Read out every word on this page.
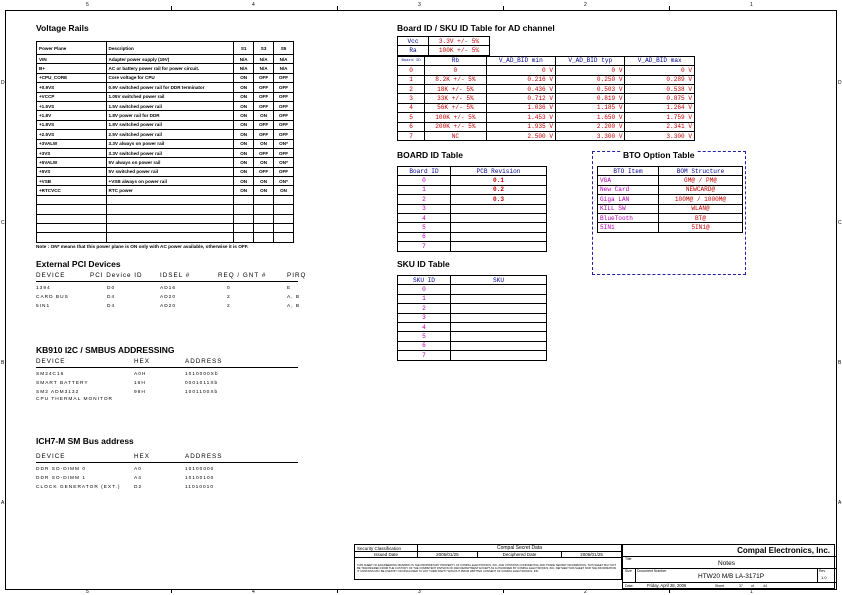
5	4	3	2	1
5	4	3	2	1
D
C
B
A
D
C
B
A
Voltage Rails
Power Plane	Description	S1	S3	S5
VIN	Adapter power supply (19V)	N/A	N/A	N/A
B+	AC or battery power rail for power circuit.	N/A	N/A	N/A
+CPU_CORE	Core voltage for CPU	ON	OFF	OFF
+0.9VS	0.9V switched power rail for DDR terminator	ON	OFF	OFF
+VCCP	1.05V switched power rail	ON	OFF	OFF
+1.5VS	1.5V switched power rail	ON	OFF	OFF
+1.8V	1.8V power rail for DDR	ON	ON	OFF
+1.8VS	1.8V switched power rail	ON	OFF	OFF
+2.5VS	2.5V switched power rail	ON	OFF	OFF
+3VALW	3.3V always on power rail	ON	ON	ON*
+3VS	3.3V switched power rail	ON	OFF	OFF
+5VALW	5V always on power rail	ON	ON	ON*
+5VS	5V switched power rail	ON	OFF	OFF
+VSB	+VSB always on power rail	ON	ON	ON*
+RTCVCC	RTC power	ON	ON	ON

Note : ON* means that this power plane is ON only with AC power available, otherwise it is OFF.
External PCI Devices
DEVICE	PCI Device ID	IDSEL #	REQ / GNT #	PIRQ
1394	D0	AD16	0	E
CARD BUS	D4	AD20	2	A, B
5IN1	D4	AD20	2	A, B
KB910 I2C / SMBUS ADDRESSING
DEVICE	HEX	ADDRESS
SM24C16	A0H	1010000Xb
SMART BATTERY	16H	0001011Xb
SM2 ADM3132	98H	1001100Xb
CPU THERMAL MONITOR
ICH7-M SM Bus address
DEVICE	HEX	ADDRESS
DDR SO-DIMM 0	A0	10100000
DDR SO-DIMM 1	A4	10100100
CLOCK GENERATOR (EXT.)	D2	11010010
Board ID / SKU ID Table for AD channel
Vcc	3.3V +/- 5%
Ra	100K +/- 5%
Board ID	Rb	V_AD_BID min	V_AD_BID typ	V_AD_BID max
0	0	0 V	0 V	0 V
1	8.2K +/- 5%	0.216 V	0.250 V	0.289 V
2	18K +/- 5%	0.436 V	0.503 V	0.538 V
3	33K +/- 5%	0.712 V	0.819 V	0.875 V
4	56K +/- 5%	1.036 V	1.185 V	1.264 V
5	100K +/- 5%	1.453 V	1.650 V	1.759 V
6	200K +/- 5%	1.935 V	2.200 V	2.341 V
7	NC	2.500 V	3.300 V	3.300 V
BOARD ID Table
Board ID	PCB Revision
0	0.1
1	0.2
2	0.3
3	
4	
5	
6	
7	
BTO Option Table
BTO Item	BOM Structure
VGA	GM@ / PM@
New Card	NEWCARD@
Giga LAN	100M@ / 1000M@
KILL SW	WLAN@
BlueTooth	BT@
5IN1	5IN1@
SKU ID Table
SKU ID	SKU
0	
1	
2	
3	
4	
5	
6	
7	
Security Classification	Compal Secret Data		
Issued Date	2005/01/25	Deciphered Date	2006/01/25
THIS SHEET OF ENGINEERING DRAWING IS THE PROPRIETARY PROPERTY OF COMPAL ELECTRONICS, INC. AND CONTAINS CONFIDENTIAL AND TRADE SECRET INFORMATION. THIS SHEET MAY NOT BE TRANSFERED FROM THE CUSTODY OF THE COMPETENT DIVISION OF R&D DEPARTMENT EXCEPT AS AUTHORIZED BY COMPAL ELECTRONICS, INC. NEITHER THIS SHEET NOR THE INFORMATION IT CONTAINS MAY BE USED BY OR DISCLOSED TO ANY THIRD PARTY WITHOUT PRIOR WRITTEN CONSENT OF COMPAL ELECTRONICS, INC.			
Compal Electronics, Inc.
Title
Notes
Size Document Number	Rev
HTW20 M/B LA-3171P	1.0
Date:	Friday, April 28, 2006	Sheet	37 of	44
